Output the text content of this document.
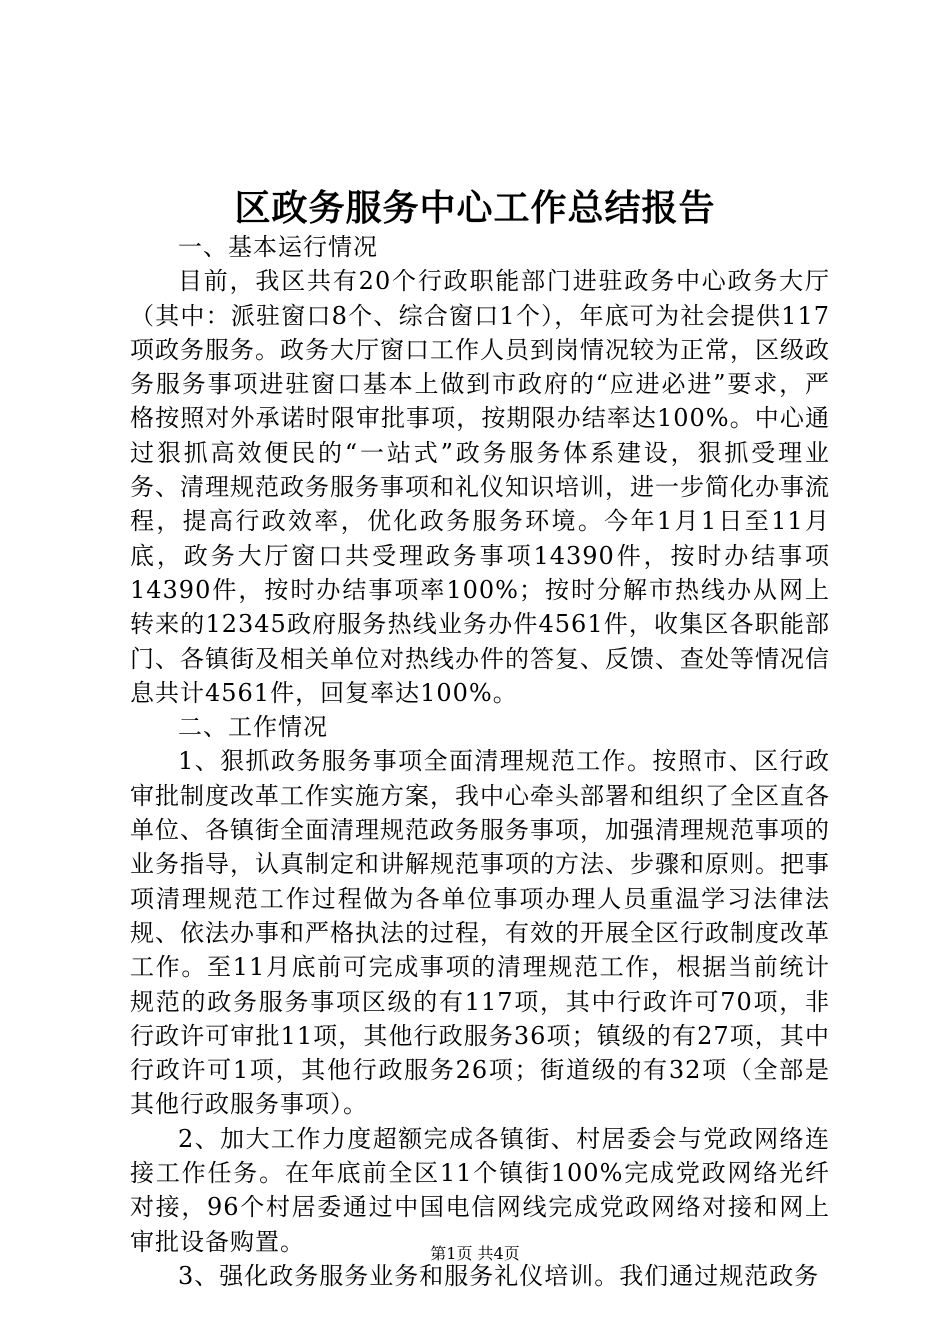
区政务服务中心工作总结报告

一、基本运行情况

目前，我区共有20个行政职能部门进驻政务中心政务大厅（其中：派驻窗口8个、综合窗口1个），年底可为社会提供117项政务服务。政务大厅窗口工作人员到岗情况较为正常，区级政务服务事项进驻窗口基本上做到市政府的“应进必进”要求，严格按照对外承诺时限审批事项，按期限办结率达100%。中心通过狠抓高效便民的“一站式”政务服务体系建设，狠抓受理业务、清理规范政务服务事项和礼仪知识培训，进一步简化办事流程，提高行政效率，优化政务服务环境。今年1月1日至11月底，政务大厅窗口共受理政务事项14390件，按时办结事项14390件，按时办结事项率100%；按时分解市热线办从网上转来的12345政府服务热线业务办件4561件，收集区各职能部门、各镇街及相关单位对热线办件的答复、反馈、查处等情况信息共计4561件，回复率达100%。

二、工作情况

1、狠抓政务服务事项全面清理规范工作。按照市、区行政审批制度改革工作实施方案，我中心牵头部署和组织了全区直各单位、各镇街全面清理规范政务服务事项，加强清理规范事项的业务指导，认真制定和讲解规范事项的方法、步骤和原则。把事项清理规范工作过程做为各单位事项办理人员重温学习法律法规、依法办事和严格执法的过程，有效的开展全区行政制度改革工作。至11月底前可完成事项的清理规范工作，根据当前统计规范的政务服务事项区级的有117项，其中行政许可70项，非行政许可审批11项，其他行政服务36项；镇级的有27项，其中行政许可1项，其他行政服务26项；街道级的有32项（全部是其他行政服务事项）。

2、加大工作力度超额完成各镇街、村居委会与党政网络连接工作任务。在年底前全区11个镇街100%完成党政网络光纤对接，96个村居委通过中国电信网线完成党政网络对接和网上审批设备购置。

3、强化政务服务业务和服务礼仪培训。我们通过规范政务

第1页 共4页
